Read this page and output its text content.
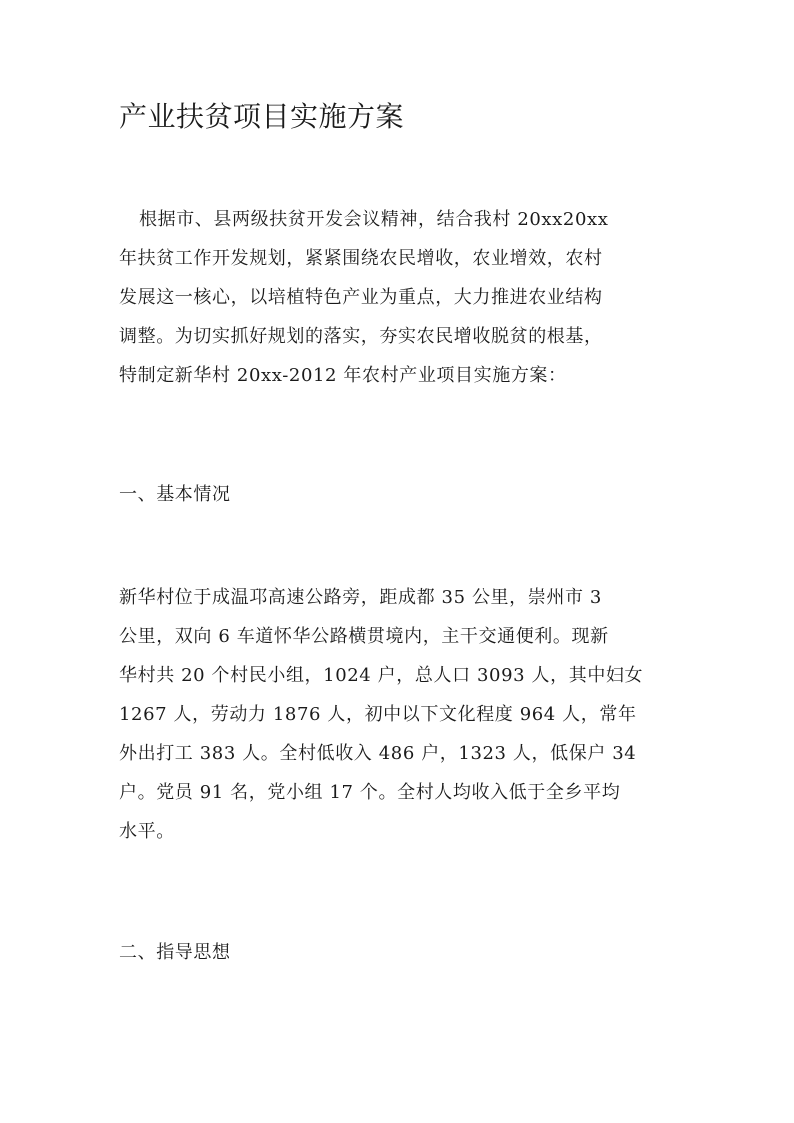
产业扶贫项目实施方案

根据市、县两级扶贫开发会议精神，结合我村 20xx20xx
年扶贫工作开发规划，紧紧围绕农民增收，农业增效，农村
发展这一核心，以培植特色产业为重点，大力推进农业结构
调整。为切实抓好规划的落实，夯实农民增收脱贫的根基，
特制定新华村 20xx-2012 年农村产业项目实施方案：

一、基本情况

新华村位于成温邛高速公路旁，距成都 35 公里，崇州市 3
公里，双向 6 车道怀华公路横贯境内，主干交通便利。现新
华村共 20 个村民小组，1024 户，总人口 3093 人，其中妇女
1267 人，劳动力 1876 人，初中以下文化程度 964 人，常年
外出打工 383 人。全村低收入 486 户，1323 人，低保户 34
户。党员 91 名，党小组 17 个。全村人均收入低于全乡平均
水平。

二、指导思想
